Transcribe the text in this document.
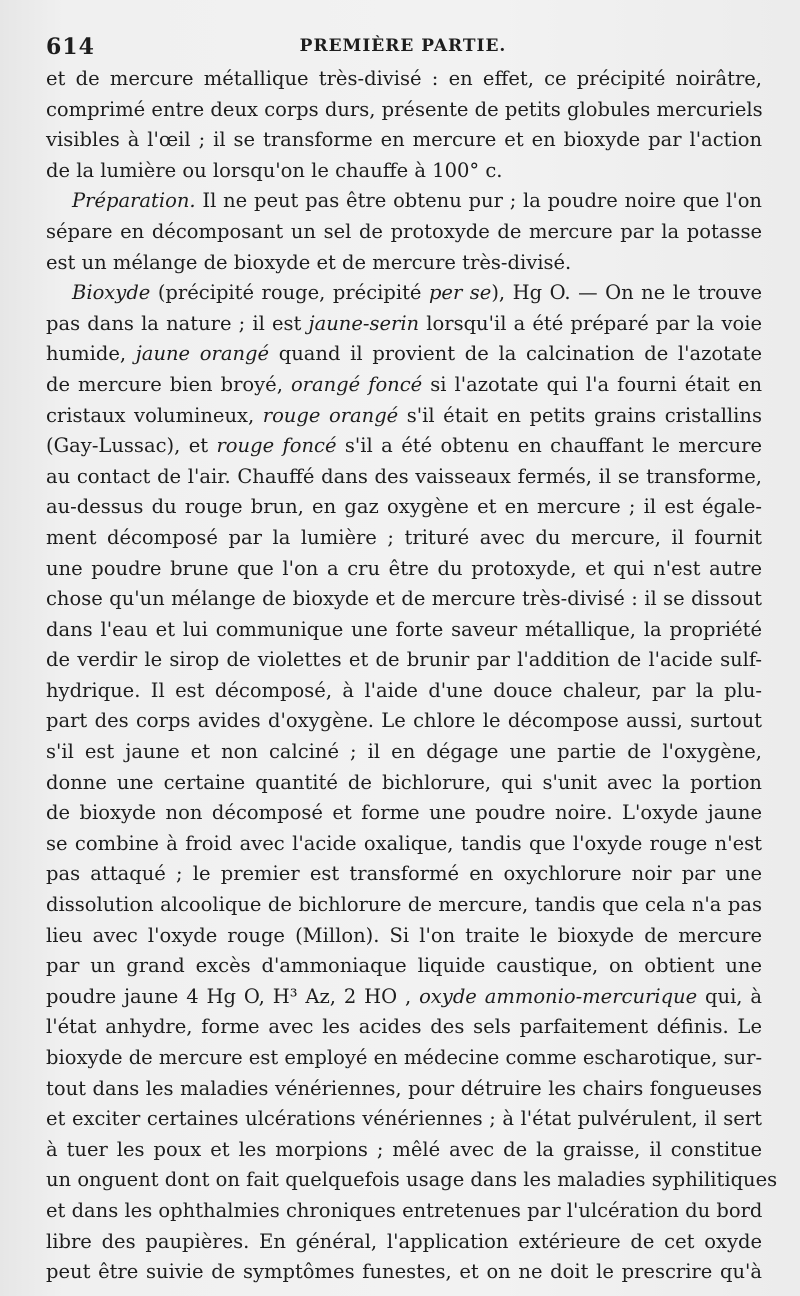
614	PREMIÈRE PARTIE.
et de mercure métallique très-divisé : en effet, ce précipité noirâtre,
comprimé entre deux corps durs, présente de petits globules mercuriels
visibles à l'œil ; il se transforme en mercure et en bioxyde par l'action
de la lumière ou lorsqu'on le chauffe à 100° c.
Préparation. Il ne peut pas être obtenu pur ; la poudre noire que l'on
sépare en décomposant un sel de protoxyde de mercure par la potasse
est un mélange de bioxyde et de mercure très-divisé.
Bioxyde (précipité rouge, précipité per se), Hg O. — On ne le trouve
pas dans la nature ; il est jaune-serin lorsqu'il a été préparé par la voie
humide, jaune orangé quand il provient de la calcination de l'azotate
de mercure bien broyé, orangé foncé si l'azotate qui l'a fourni était en
cristaux volumineux, rouge orangé s'il était en petits grains cristallins
(Gay-Lussac), et rouge foncé s'il a été obtenu en chauffant le mercure
au contact de l'air. Chauffé dans des vaisseaux fermés, il se transforme,
au-dessus du rouge brun, en gaz oxygène et en mercure ; il est égale-
ment décomposé par la lumière ; trituré avec du mercure, il fournit
une poudre brune que l'on a cru être du protoxyde, et qui n'est autre
chose qu'un mélange de bioxyde et de mercure très-divisé : il se dissout
dans l'eau et lui communique une forte saveur métallique, la propriété
de verdir le sirop de violettes et de brunir par l'addition de l'acide sulf-
hydrique. Il est décomposé, à l'aide d'une douce chaleur, par la plu-
part des corps avides d'oxygène. Le chlore le décompose aussi, surtout
s'il est jaune et non calciné ; il en dégage une partie de l'oxygène,
donne une certaine quantité de bichlorure, qui s'unit avec la portion
de bioxyde non décomposé et forme une poudre noire. L'oxyde jaune
se combine à froid avec l'acide oxalique, tandis que l'oxyde rouge n'est
pas attaqué ; le premier est transformé en oxychlorure noir par une
dissolution alcoolique de bichlorure de mercure, tandis que cela n'a pas
lieu avec l'oxyde rouge (Millon). Si l'on traite le bioxyde de mercure
par un grand excès d'ammoniaque liquide caustique, on obtient une
poudre jaune 4 Hg O, H³ Az, 2 HO , oxyde ammonio-mercurique qui, à
l'état anhydre, forme avec les acides des sels parfaitement définis. Le
bioxyde de mercure est employé en médecine comme escharotique, sur-
tout dans les maladies vénériennes, pour détruire les chairs fongueuses
et exciter certaines ulcérations vénériennes ; à l'état pulvérulent, il sert
à tuer les poux et les morpions ; mêlé avec de la graisse, il constitue
un onguent dont on fait quelquefois usage dans les maladies syphilitiques
et dans les ophthalmies chroniques entretenues par l'ulcération du bord
libre des paupières. En général, l'application extérieure de cet oxyde
peut être suivie de symptômes funestes, et on ne doit le prescrire qu'à
